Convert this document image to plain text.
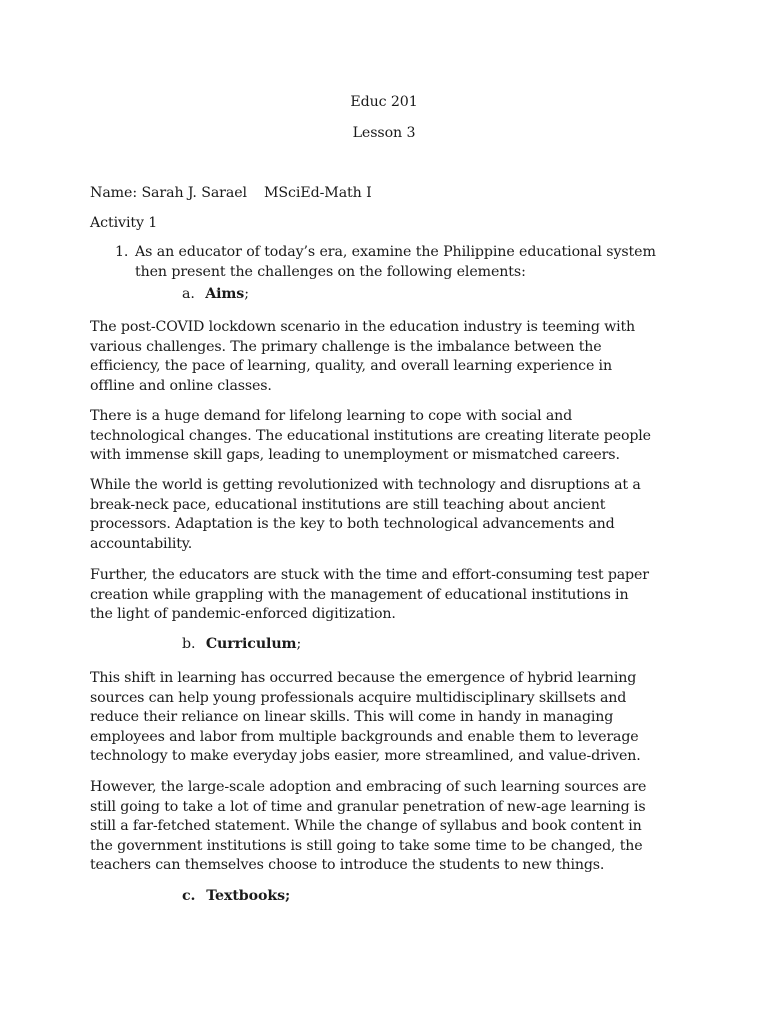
Educ 201
Lesson 3
Name: Sarah J. Sarael MSciEd-Math I
Activity 1
1. As an educator of today’s era, examine the Philippine educational system
then present the challenges on the following elements:
a. Aims;
The post-COVID lockdown scenario in the education industry is teeming with
various challenges. The primary challenge is the imbalance between the
efficiency, the pace of learning, quality, and overall learning experience in
offline and online classes.
There is a huge demand for lifelong learning to cope with social and
technological changes. The educational institutions are creating literate people
with immense skill gaps, leading to unemployment or mismatched careers.
While the world is getting revolutionized with technology and disruptions at a
break-neck pace, educational institutions are still teaching about ancient
processors. Adaptation is the key to both technological advancements and
accountability.
Further, the educators are stuck with the time and effort-consuming test paper
creation while grappling with the management of educational institutions in
the light of pandemic-enforced digitization.
b. Curriculum;
This shift in learning has occurred because the emergence of hybrid learning
sources can help young professionals acquire multidisciplinary skillsets and
reduce their reliance on linear skills. This will come in handy in managing
employees and labor from multiple backgrounds and enable them to leverage
technology to make everyday jobs easier, more streamlined, and value-driven.
However, the large-scale adoption and embracing of such learning sources are
still going to take a lot of time and granular penetration of new-age learning is
still a far-fetched statement. While the change of syllabus and book content in
the government institutions is still going to take some time to be changed, the
teachers can themselves choose to introduce the students to new things.
c. Textbooks;
